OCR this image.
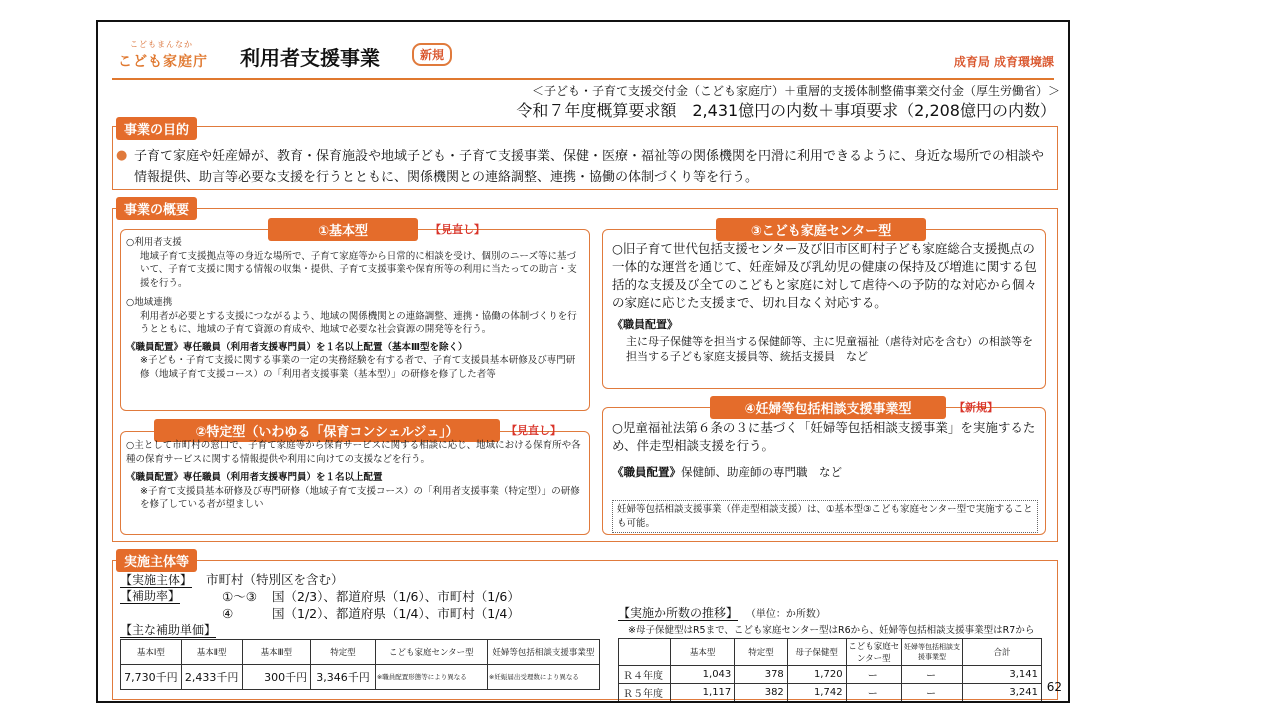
こどもまんなか
こども家庭庁 利用者支援事業	新規	成育局 成育環境課
＜子ども・子育て支援交付金（こども家庭庁）＋重層的支援体制整備事業交付金（厚生労働省）＞
令和７年度概算要求額　2,431億円の内数＋事項要求（2,208億円の内数）
事業の目的
● 子育て家庭や妊産婦が、教育・保育施設や地域子ども・子育て支援事業、保健・医療・福祉等の関係機関を円滑に利用できるように、身近な場所での相談や情報提供、助言等必要な支援を行うとともに、関係機関との連絡調整、連携・協働の体制づくり等を行う。
事業の概要
①基本型	【見直し】
○利用者支援
地域子育て支援拠点等の身近な場所で、子育て家庭等から日常的に相談を受け、個別のニーズ等に基づいて、子育て支援に関する情報の収集・提供、子育て支援事業や保育所等の利用に当たっての助言・支援を行う。
○地域連携
利用者が必要とする支援につながるよう、地域の関係機関との連絡調整、連携・協働の体制づくりを行うとともに、地域の子育て資源の育成や、地域で必要な社会資源の開発等を行う。
《職員配置》専任職員（利用者支援専門員）を１名以上配置（基本Ⅲ型を除く）
※子ども・子育て支援に関する事業の一定の実務経験を有する者で、子育て支援員基本研修及び専門研修（地域子育て支援コース）の「利用者支援事業（基本型）」の研修を修了した者等
②特定型（いわゆる「保育コンシェルジュ」）	【見直し】
○主として市町村の窓口で、子育て家庭等から保育サービスに関する相談に応じ、地域における保育所や各種の保育サービスに関する情報提供や利用に向けての支援などを行う。
《職員配置》専任職員（利用者支援専門員）を１名以上配置
※子育て支援員基本研修及び専門研修（地域子育て支援コース）の「利用者支援事業（特定型）」の研修を修了している者が望ましい
③こども家庭センター型
○旧子育て世代包括支援センター及び旧市区町村子ども家庭総合支援拠点の一体的な運営を通じて、妊産婦及び乳幼児の健康の保持及び増進に関する包括的な支援及び全てのこどもと家庭に対して虐待への予防的な対応から個々の家庭に応じた支援まで、切れ目なく対応する。
《職員配置》
主に母子保健等を担当する保健師等、主に児童福祉（虐待対応を含む）の相談等を担当する子ども家庭支援員等、統括支援員　など
④妊婦等包括相談支援事業型	【新規】
○児童福祉法第６条の３に基づく「妊婦等包括相談支援事業」を実施するため、伴走型相談支援を行う。
《職員配置》保健師、助産師の専門職　など
妊婦等包括相談支援事業（伴走型相談支援）は、①基本型③こども家庭センター型で実施することも可能。
実施主体等
【実施主体】 市町村（特別区を含む）
【補助率】	①～③ 国（2/3）、都道府県（1/6）、市町村（1/6）
④	国（1/2）、都道府県（1/4）、市町村（1/4）
【主な補助単価】
基本Ⅰ型	基本Ⅱ型	基本Ⅲ型	特定型	こども家庭センター型	妊婦等包括相談支援事業型
7,730千円	2,433千円	300千円	3,346千円	※職員配置形態等により異なる	※妊娠届出受理数により異なる
【実施か所数の推移】 （単位：か所数）
※母子保健型はR5まで、こども家庭センター型はR6から、妊婦等包括相談支援事業型はR7から
	基本型	特定型	母子保健型	こども家庭センター型	妊婦等包括相談支援事業型	合計
Ｒ４年度	1,043	378	1,720	ー	ー	3,141
Ｒ５年度	1,117	382	1,742	ー	ー	3,241 62
